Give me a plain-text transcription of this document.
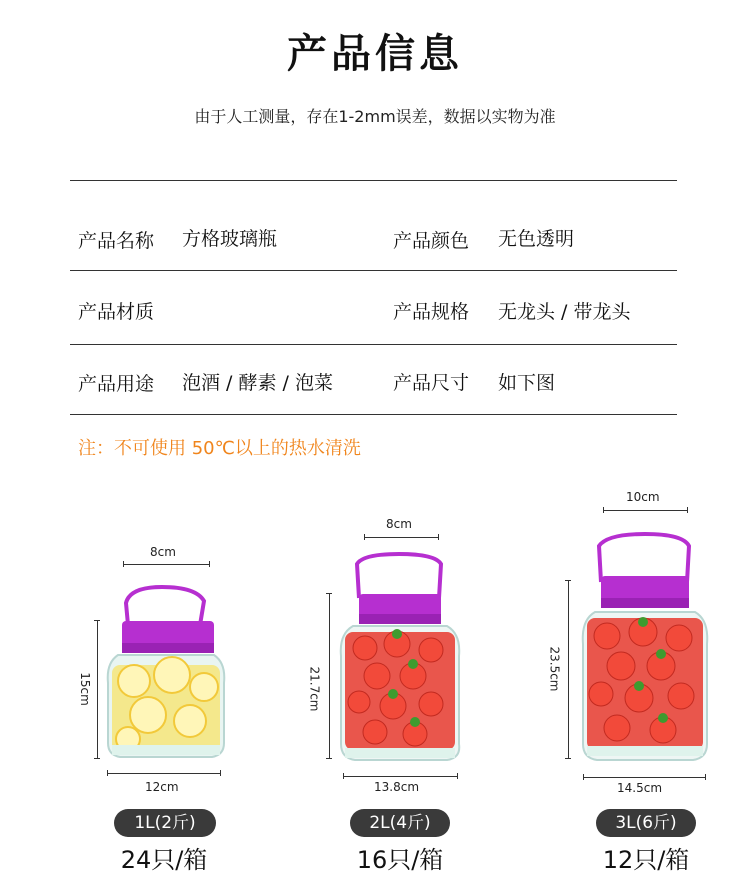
产品信息
由于人工测量，存在1-2mm误差，数据以实物为准
产品名称 方格玻璃瓶	产品颜色 无色透明
产品材质	产品规格 无龙头 / 带龙头
产品用途 泡酒 / 酵素 / 泡菜	产品尺寸 如下图
注：不可使用 50℃以上的热水清洗
8cm
15cm
12cm
1L(2斤)
24只/箱
8cm
21.7cm
13.8cm
2L(4斤)
16只/箱
10cm
23.5cm
14.5cm
3L(6斤)
12只/箱
